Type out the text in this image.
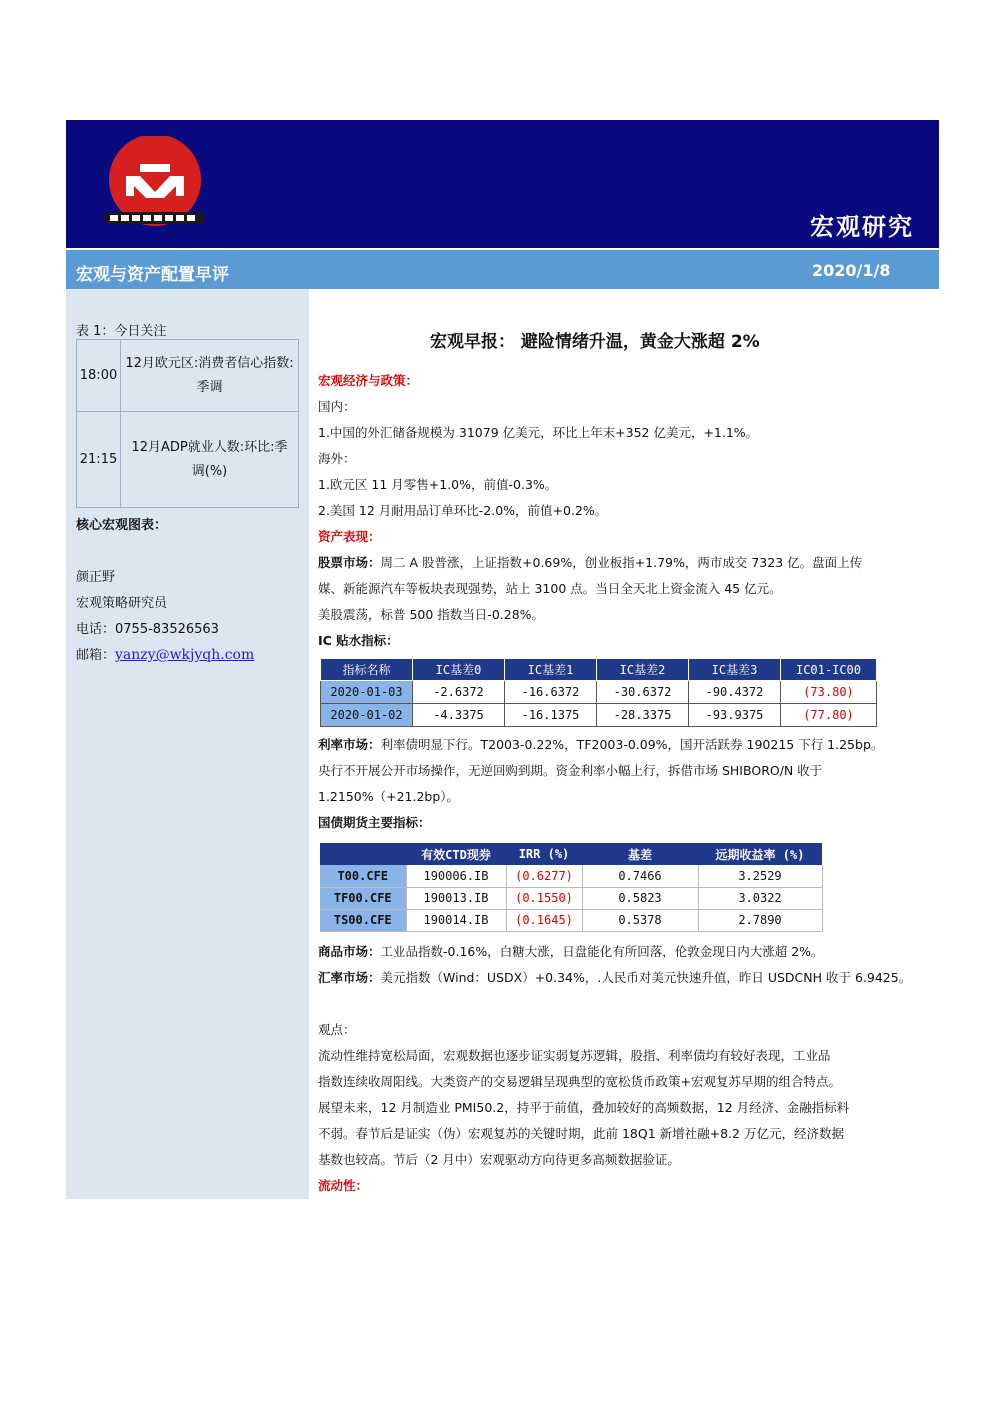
宏观研究
宏观与资产配置早评	2020/1/8
表 1：今日关注
18:00	12月欧元区:消费者信心指数:季调
21:15	12月ADP就业人数:环比:季调(%)
核心宏观图表：
颜正野
宏观策略研究员
电话：0755-83526563
邮箱：yanzy@wkjyqh.com
宏观早报： 避险情绪升温，黄金大涨超 2%
宏观经济与政策：
国内：
1.中国的外汇储备规模为 31079 亿美元，环比上年末+352 亿美元，+1.1%。
海外：
1.欧元区 11 月零售+1.0%，前值-0.3%。
2.美国 12 月耐用品订单环比-2.0%，前值+0.2%。
资产表现：
股票市场：周二 A 股普涨，上证指数+0.69%，创业板指+1.79%，两市成交 7323 亿。盘面上传
媒、新能源汽车等板块表现强势，站上 3100 点。当日全天北上资金流入 45 亿元。
美股震荡，标普 500 指数当日-0.28%。
IC 贴水指标：
指标名称	IC基差0	IC基差1	IC基差2	IC基差3	IC01-IC00
2020-01-03	-2.6372	-16.6372	-30.6372	-90.4372	(73.80)
2020-01-02	-4.3375	-16.1375	-28.3375	-93.9375	(77.80)
利率市场：利率债明显下行。T2003-0.22%，TF2003-0.09%，国开活跃券 190215 下行 1.25bp。
央行不开展公开市场操作，无逆回购到期。资金利率小幅上行，拆借市场 SHIBORO/N 收于
1.2150%（+21.2bp）。
国债期货主要指标：
	有效CTD现券	IRR (%)	基差	远期收益率 (%)
T00.CFE	190006.IB	(0.6277)	0.7466	3.2529
TF00.CFE	190013.IB	(0.1550)	0.5823	3.0322
TS00.CFE	190014.IB	(0.1645)	0.5378	2.7890
商品市场：工业品指数-0.16%，白糖大涨，日盘能化有所回落，伦敦金现日内大涨超 2%。
汇率市场：美元指数（Wind：USDX）+0.34%，.人民币对美元快速升值，昨日 USDCNH 收于 6.9425。
观点：
流动性维持宽松局面，宏观数据也逐步证实弱复苏逻辑，股指、利率债均有较好表现，工业品
指数连续收周阳线。大类资产的交易逻辑呈现典型的宽松货币政策+宏观复苏早期的组合特点。
展望未来，12 月制造业 PMI50.2，持平于前值，叠加较好的高频数据，12 月经济、金融指标料
不弱。春节后是证实（伪）宏观复苏的关键时期，此前 18Q1 新增社融+8.2 万亿元，经济数据
基数也较高。节后（2 月中）宏观驱动方向待更多高频数据验证。
流动性：
